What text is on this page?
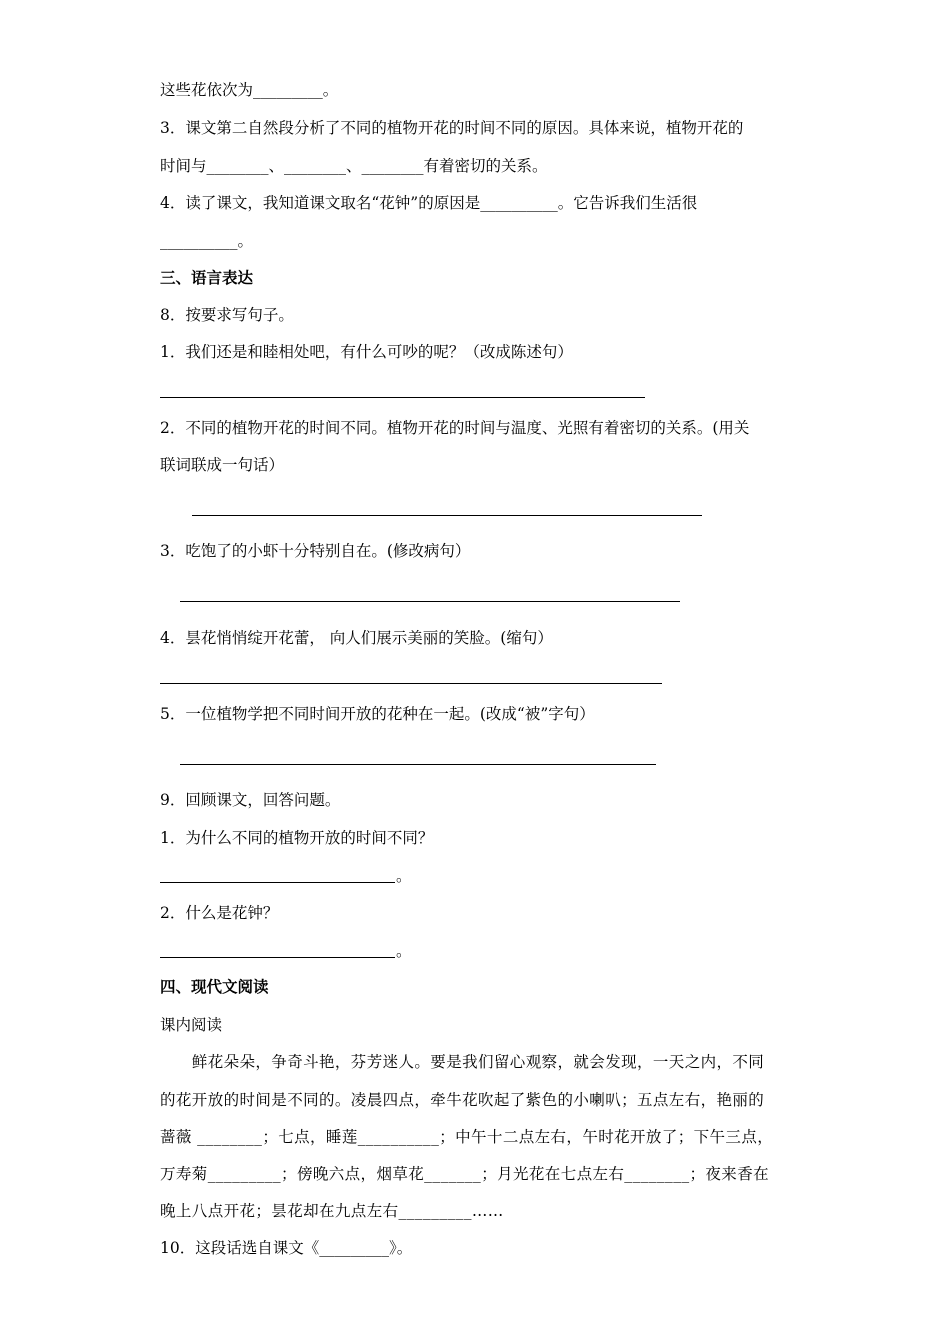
这些花依次为_________。
3．课文第二自然段分析了不同的植物开花的时间不同的原因。具体来说，植物开花的
时间与________、________、________有着密切的关系。
4．读了课文，我知道课文取名“花钟”的原因是__________。它告诉我们生活很
__________。
三、语言表达
8．按要求写句子。
1．我们还是和睦相处吧，有什么可吵的呢？（改成陈述句）
2．不同的植物开花的时间不同。植物开花的时间与温度、光照有着密切的关系。(用关
联词联成一句话）
3．吃饱了的小虾十分特别自在。(修改病句）
4．昙花悄悄绽开花蕾， 向人们展示美丽的笑脸。(缩句）
5．一位植物学把不同时间开放的花种在一起。(改成“被”字句）
9．回顾课文，回答问题。
1．为什么不同的植物开放的时间不同？
。
2．什么是花钟？
。
四、现代文阅读
课内阅读
　　鲜花朵朵，争奇斗艳，芬芳迷人。要是我们留心观察，就会发现，一天之内，不同
的花开放的时间是不同的。凌晨四点，牵牛花吹起了紫色的小喇叭；五点左右，艳丽的
蔷薇 ________；七点，睡莲__________；中午十二点左右，午时花开放了；下午三点，
万寿菊_________；傍晚六点，烟草花_______；月光花在七点左右________；夜来香在
晚上八点开花；昙花却在九点左右_________……
10．这段话选自课文《_________》。
